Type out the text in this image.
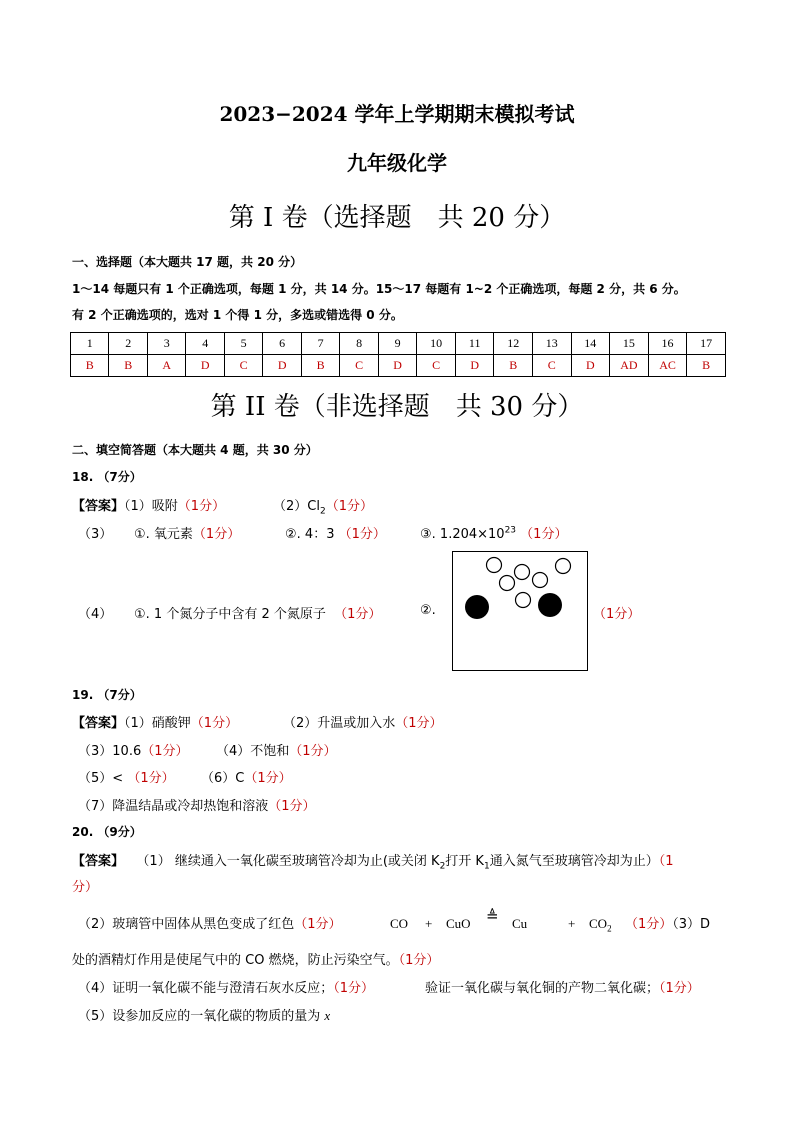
2023−2024 学年上学期期末模拟考试
九年级化学
第 I 卷（选择题　共 20 分）
一、选择题（本大题共 17 题，共 20 分）
1～14 每题只有 1 个正确选项，每题 1 分，共 14 分。15～17 每题有 1~2 个正确选项，每题 2 分，共 6 分。
有 2 个正确选项的，选对 1 个得 1 分，多选或错选得 0 分。
1	2	3	4	5	6	7	8	9	10	11	12	13	14	15	16	17
B	B	A	D	C	D	B	C	D	C	D	B	C	D	AD	AC	B
第 II 卷（非选择题　共 30 分）
二、填空简答题（本大题共 4 题，共 30 分）
18. （7分）
【答案】（1）吸附（1分）	$(2)Cl_2(1$分）
（3） ①. 氧元素（1分）	②. 4：3 （1分）	③. $1.204\times 10^{23}$ （1分）
（4） ①. 1 个氮分子中含有 2 个氮原子 （1分）	②.	（1分）
19. （7分）
【答案】（1）硝酸钾（1分）	（2）升温或加入水（1分）
（3）10.6（1分） （4）不饱和（1分）
（5）< （1分） （6）C（1分）
（7）降温结晶或冷却热饱和溶液（1分）
20. （9分）
【答案】 （1） 继续通入一氧化碳至玻璃管冷却为止(或关闭 $K_2$打开 $K_1$通入氮气至玻璃管冷却为止）（1
分）
（2）玻璃管中固体从黑色变成了红色（1分）	CO + CuO ≜ Cu	+ $CO_2$ （1分）（3）D
处的酒精灯作用是使尾气中的 CO 燃烧，防止污染空气。（1分）
（4）证明一氧化碳不能与澄清石灰水反应；（1分）	验证一氧化碳与氧化铜的产物二氧化碳；（1分）
（5）设参加反应的一氧化碳的物质的量为 x
